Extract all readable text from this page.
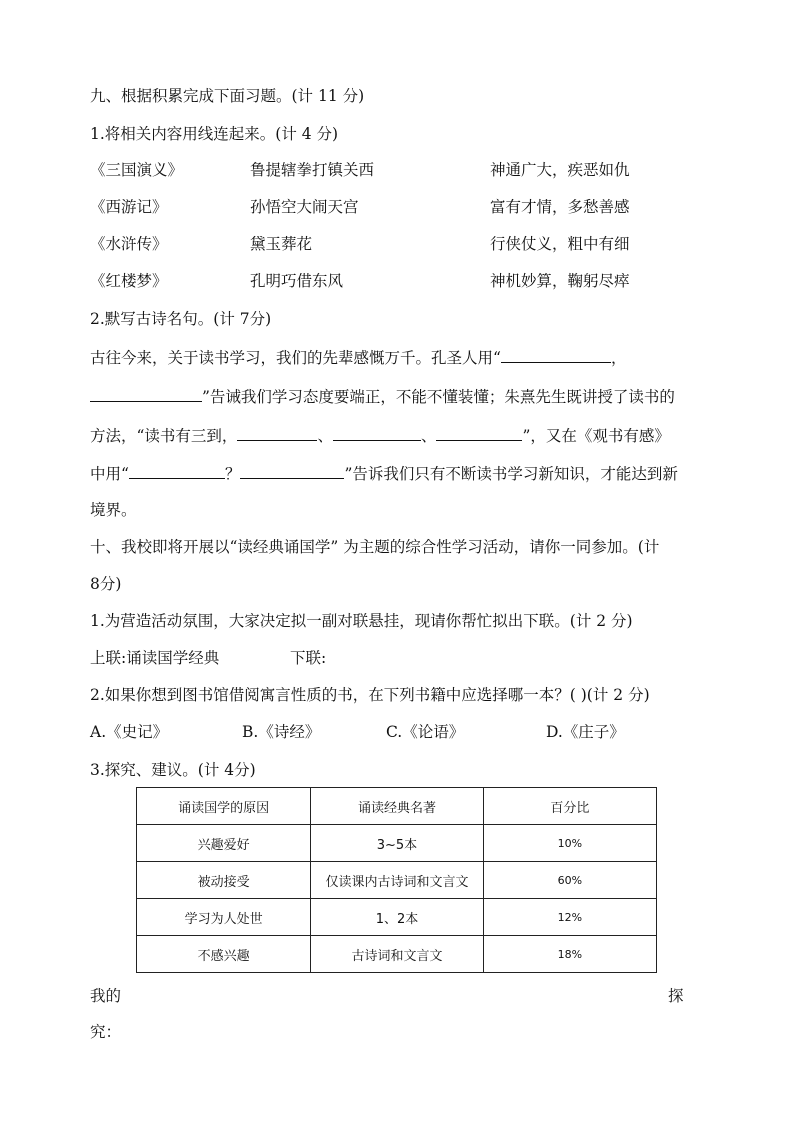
九、根据积累完成下面习题。(计 11 分)
1.将相关内容用线连起来。(计 4 分)
《三国演义》	鲁提辖拳打镇关西	神通广大，疾恶如仇
《西游记》	孙悟空大闹天宫	富有才情，多愁善感
《水浒传》	黛玉葬花	行侠仗义，粗中有细
《红楼梦》	孔明巧借东风	神机妙算，鞠躬尽瘁
2.默写古诗名句。(计 7分)
古往今来，关于读书学习，我们的先辈感慨万千。孔圣人用“	，
”告诫我们学习态度要端正，不能不懂装懂；朱熹先生既讲授了读书的
方法，“读书有三到，	、	、	”，又在《观书有感》
中用“	？	”告诉我们只有不断读书学习新知识，才能达到新
境界。
十、我校即将开展以“读经典诵国学” 为主题的综合性学习活动，请你一同参加。(计
8分)
1.为营造活动氛围，大家决定拟一副对联悬挂，现请你帮忙拟出下联。(计 2 分)
上联:诵读国学经典	下联:
2.如果你想到图书馆借阅寓言性质的书，在下列书籍中应选择哪一本？( )(计 2 分)
A.《史记》	B.《诗经》	C.《论语》	D.《庄子》
3.探究、建议。(计 4分)
诵读国学的原因	诵读经典名著	百分比
兴趣爱好	3~5本	10%
被动接受	仅读课内古诗词和文言文	60%
学习为人处世	1、2本	12%
不感兴趣	古诗词和文言文	18%
我的	探
究：
